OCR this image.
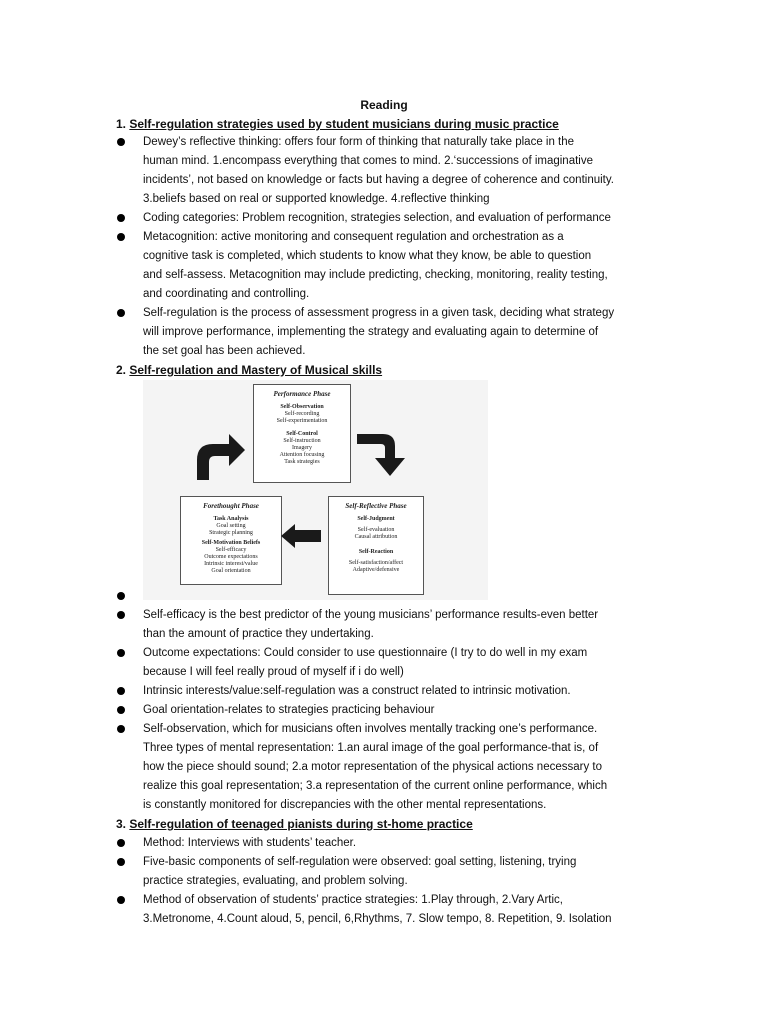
Reading
1. Self-regulation strategies used by student musicians during music practice
Dewey’s reflective thinking: offers four form of thinking that naturally take place in the
human mind. 1.encompass everything that comes to mind. 2.‘successions of imaginative
incidents’, not based on knowledge or facts but having a degree of coherence and continuity.
3.beliefs based on real or supported knowledge. 4.reflective thinking
Coding categories: Problem recognition, strategies selection, and evaluation of performance
Metacognition: active monitoring and consequent regulation and orchestration as a
cognitive task is completed, which students to know what they know, be able to question
and self-assess. Metacognition may include predicting, checking, monitoring, reality testing,
and coordinating and controlling.
Self-regulation is the process of assessment progress in a given task, deciding what strategy
will improve performance, implementing the strategy and evaluating again to determine of
the set goal has been achieved.
2. Self-regulation and Mastery of Musical skills
Performance Phase
Self-Observation
Self-recording
Self-experimentation
Self-Control
Self-instruction
Imagery
Attention focusing
Task strategies
Forethought Phase
Task Analysis
Goal setting
Strategic planning
Self-Motivation Beliefs
Self-efficacy
Outcome expectations
Intrinsic interest/value
Goal orientation
Self-Reflective Phase
Self-Judgment
Self-evaluation
Causal attribution
Self-Reaction
Self-satisfaction/affect
Adaptive/defensive
Self-efficacy is the best predictor of the young musicians’ performance results-even better
than the amount of practice they undertaking.
Outcome expectations: Could consider to use questionnaire (I try to do well in my exam
because I will feel really proud of myself if i do well)
Intrinsic interests/value:self-regulation was a construct related to intrinsic motivation.
Goal orientation-relates to strategies practicing behaviour
Self-observation, which for musicians often involves mentally tracking one’s performance.
Three types of mental representation: 1.an aural image of the goal performance-that is, of
how the piece should sound; 2.a motor representation of the physical actions necessary to
realize this goal representation; 3.a representation of the current online performance, which
is constantly monitored for discrepancies with the other mental representations.
3. Self-regulation of teenaged pianists during st-home practice
Method: Interviews with students’ teacher.
Five-basic components of self-regulation were observed: goal setting, listening, trying
practice strategies, evaluating, and problem solving.
Method of observation of students’ practice strategies: 1.Play through, 2.Vary Artic,
3.Metronome, 4.Count aloud, 5, pencil, 6,Rhythms, 7. Slow tempo, 8. Repetition, 9. Isolation
